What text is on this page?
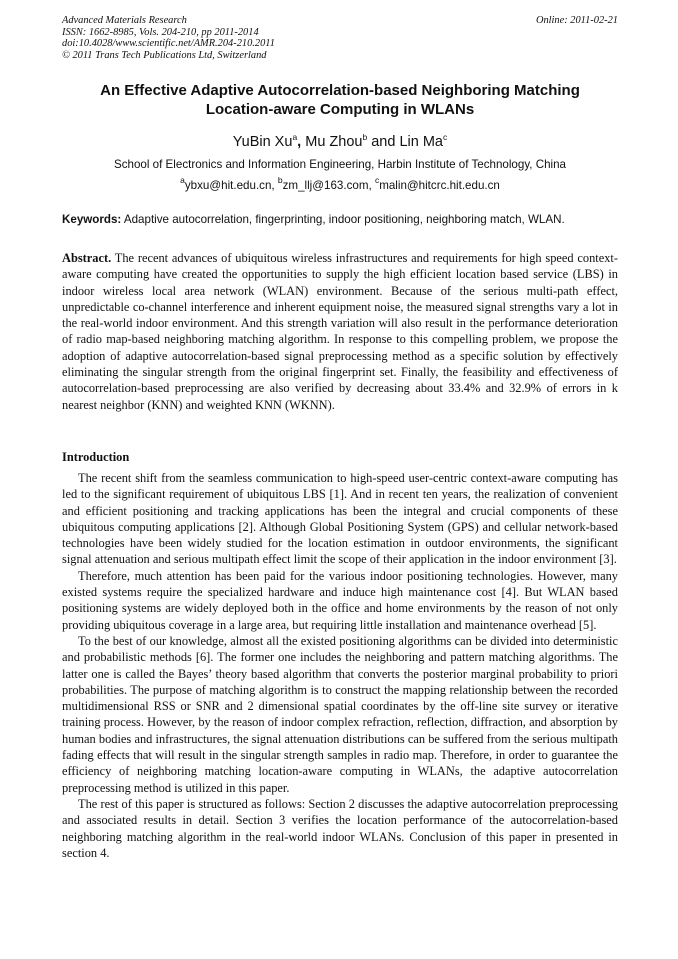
Advanced Materials Research
ISSN: 1662-8985, Vols. 204-210, pp 2011-2014
doi:10.4028/www.scientific.net/AMR.204-210.2011
© 2011 Trans Tech Publications Ltd, Switzerland
Online: 2011-02-21
An Effective Adaptive Autocorrelation-based Neighboring Matching
Location-aware Computing in WLANs
YuBin Xu$^a$, Mu Zhou$^b$ and Lin Ma$^c$
School of Electronics and Information Engineering, Harbin Institute of Technology, China
$^a$ybxu@hit.edu.cn, $^b$zm_llj@163.com, $^c$malin@hitcrc.hit.edu.cn
Keywords: Adaptive autocorrelation, fingerprinting, indoor positioning, neighboring match, WLAN.

Abstract. The recent advances of ubiquitous wireless infrastructures and requirements for high speed context-aware computing have created the opportunities to supply the high efficient location based service (LBS) in indoor wireless local area network (WLAN) environment. Because of the serious multi-path effect, unpredictable co-channel interference and inherent equipment noise, the measured signal strengths vary a lot in the real-world indoor environment. And this strength variation will also result in the performance deterioration of radio map-based neighboring matching algorithm. In response to this compelling problem, we propose the adoption of adaptive autocorrelation-based signal preprocessing method as a specific solution by effectively eliminating the singular strength from the original fingerprint set. Finally, the feasibility and effectiveness of autocorrelation-based preprocessing are also verified by decreasing about 33.4% and 32.9% of errors in k nearest neighbor (KNN) and weighted KNN (WKNN).

Introduction

The recent shift from the seamless communication to high-speed user-centric context-aware computing has led to the significant requirement of ubiquitous LBS [1]. And in recent ten years, the realization of convenient and efficient positioning and tracking applications has been the integral and crucial components of these ubiquitous computing applications [2]. Although Global Positioning System (GPS) and cellular network-based technologies have been widely studied for the location estimation in outdoor environments, the significant signal attenuation and serious multipath effect limit the scope of their application in the indoor environment [3].

Therefore, much attention has been paid for the various indoor positioning technologies. However, many existed systems require the specialized hardware and induce high maintenance cost [4]. But WLAN based positioning systems are widely deployed both in the office and home environments by the reason of not only providing ubiquitous coverage in a large area, but requiring little installation and maintenance overhead [5].

To the best of our knowledge, almost all the existed positioning algorithms can be divided into deterministic and probabilistic methods [6]. The former one includes the neighboring and pattern matching algorithms. The latter one is called the Bayes’ theory based algorithm that converts the posterior marginal probability to priori probabilities. The purpose of matching algorithm is to construct the mapping relationship between the recorded multidimensional RSS or SNR and 2 dimensional spatial coordinates by the off-line site survey or iterative training process. However, by the reason of indoor complex refraction, reflection, diffraction, and absorption by human bodies and infrastructures, the signal attenuation distributions can be suffered from the serious multipath fading effects that will result in the singular strength samples in radio map. Therefore, in order to guarantee the efficiency of neighboring matching location-aware computing in WLANs, the adaptive autocorrelation preprocessing method is utilized in this paper.

The rest of this paper is structured as follows: Section 2 discusses the adaptive autocorrelation preprocessing and associated results in detail. Section 3 verifies the location performance of the autocorrelation-based neighboring matching algorithm in the real-world indoor WLANs. Conclusion of this paper in presented in section 4.
